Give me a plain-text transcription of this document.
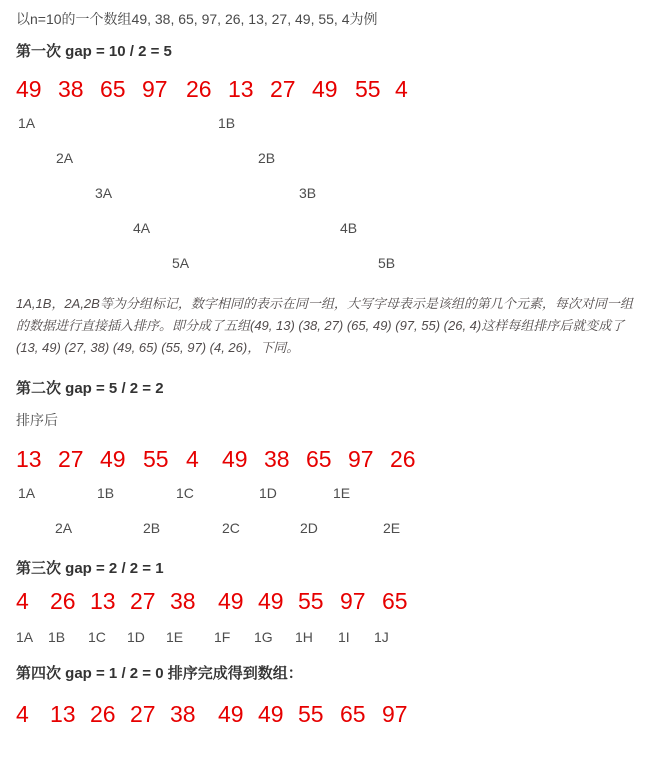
以n=10的一个数组49, 38, 65, 97, 26, 13, 27, 49, 55, 4为例

第一次 gap = 10 / 2 = 5

49 38 65 97 26 13 27 49 55 4
1A	1B
2A	2B
3A	3B
4A	4B
5A	5B

1A,1B，2A,2B等为分组标记，数字相同的表示在同一组，大写字母表示是该组的第几个元素，每次对同一组的数据进行直接插入排序。即分成了五组(49, 13) (38, 27) (65, 49) (97, 55) (26, 4)这样每组排序后就变成了(13, 49) (27, 38) (49, 65) (55, 97) (4, 26)，下同。

第二次 gap = 5 / 2 = 2

排序后

13 27 49 55 4 49 38 65 97 26
1A	1B	1C	1D	1E
2A	2B	2C	2D	2E

第三次 gap = 2 / 2 = 1

4 26 13 27 38 49 49 55 97 65
1A 1B 1C 1D 1E 1F 1G 1H 1I 1J

第四次 gap = 1 / 2 = 0 排序完成得到数组：

4 13 26 27 38 49 49 55 65 97
